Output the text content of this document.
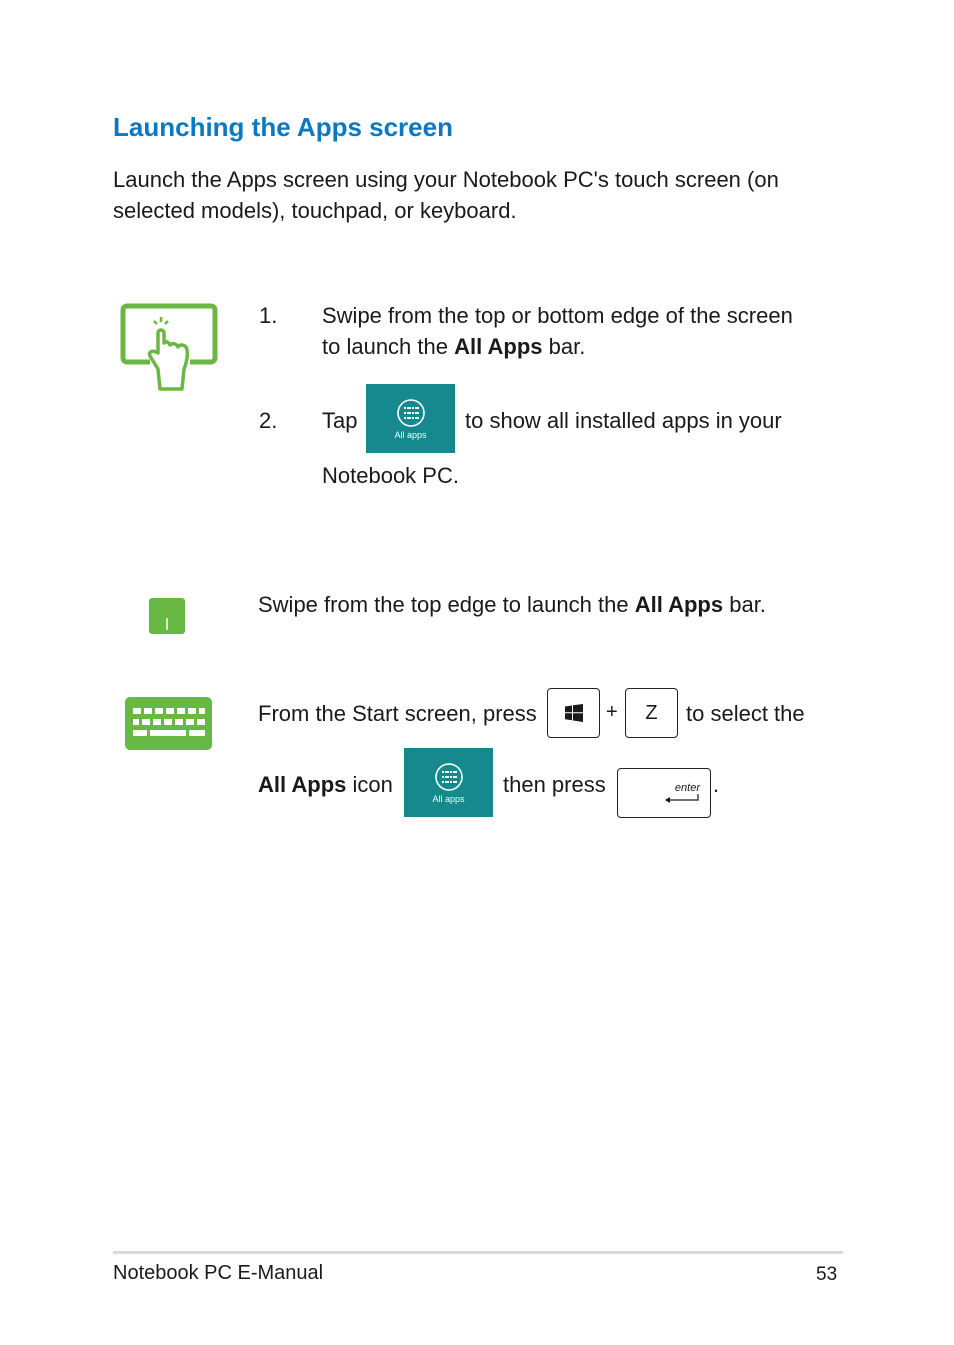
Launching the Apps screen
Launch the Apps screen using your Notebook PC's touch screen (on selected models), touchpad, or keyboard.
1. Swipe from the top or bottom edge of the screen
to launch the All Apps bar.
2. Tap
All apps
to show all installed apps in your
Notebook PC.
Swipe from the top edge to launch the All Apps bar.
From the Start screen, press	+	Z	to select the
All Apps icon
All apps
then press	enter .
Notebook PC E-Manual	53
